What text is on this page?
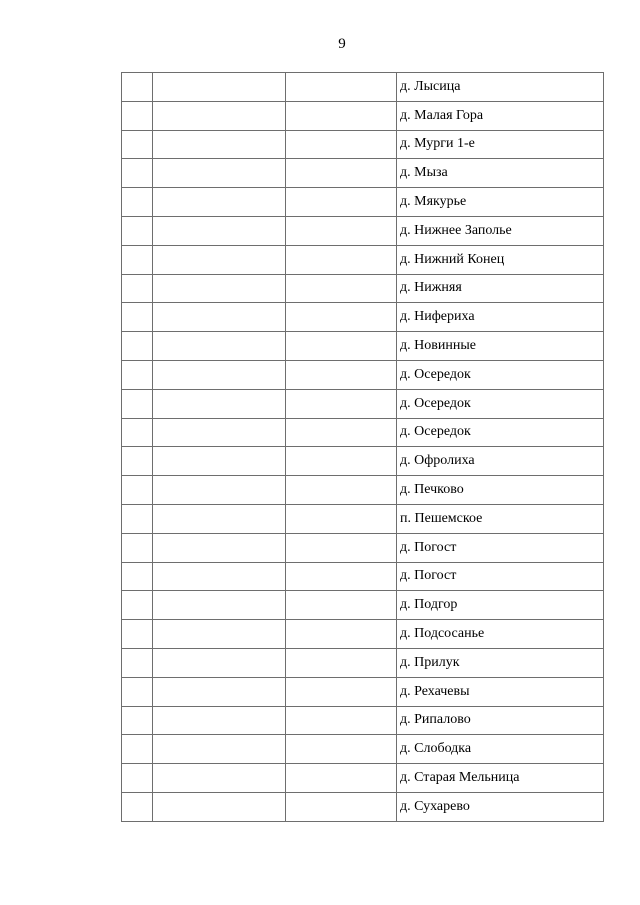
9
			д. Лысица
			д. Малая Гора
			д. Мурги 1-е
			д. Мыза
			д. Мякурье
			д. Нижнее Заполье
			д. Нижний Конец
			д. Нижняя
			д. Нифериха
			д. Новинные
			д. Осередок
			д. Осередок
			д. Осередок
			д. Офролиха
			д. Печково
			п. Пешемское
			д. Погост
			д. Погост
			д. Подгор
			д. Подсосанье
			д. Прилук
			д. Рехачевы
			д. Рипалово
			д. Слободка
			д. Старая Мельница
			д. Сухарево
